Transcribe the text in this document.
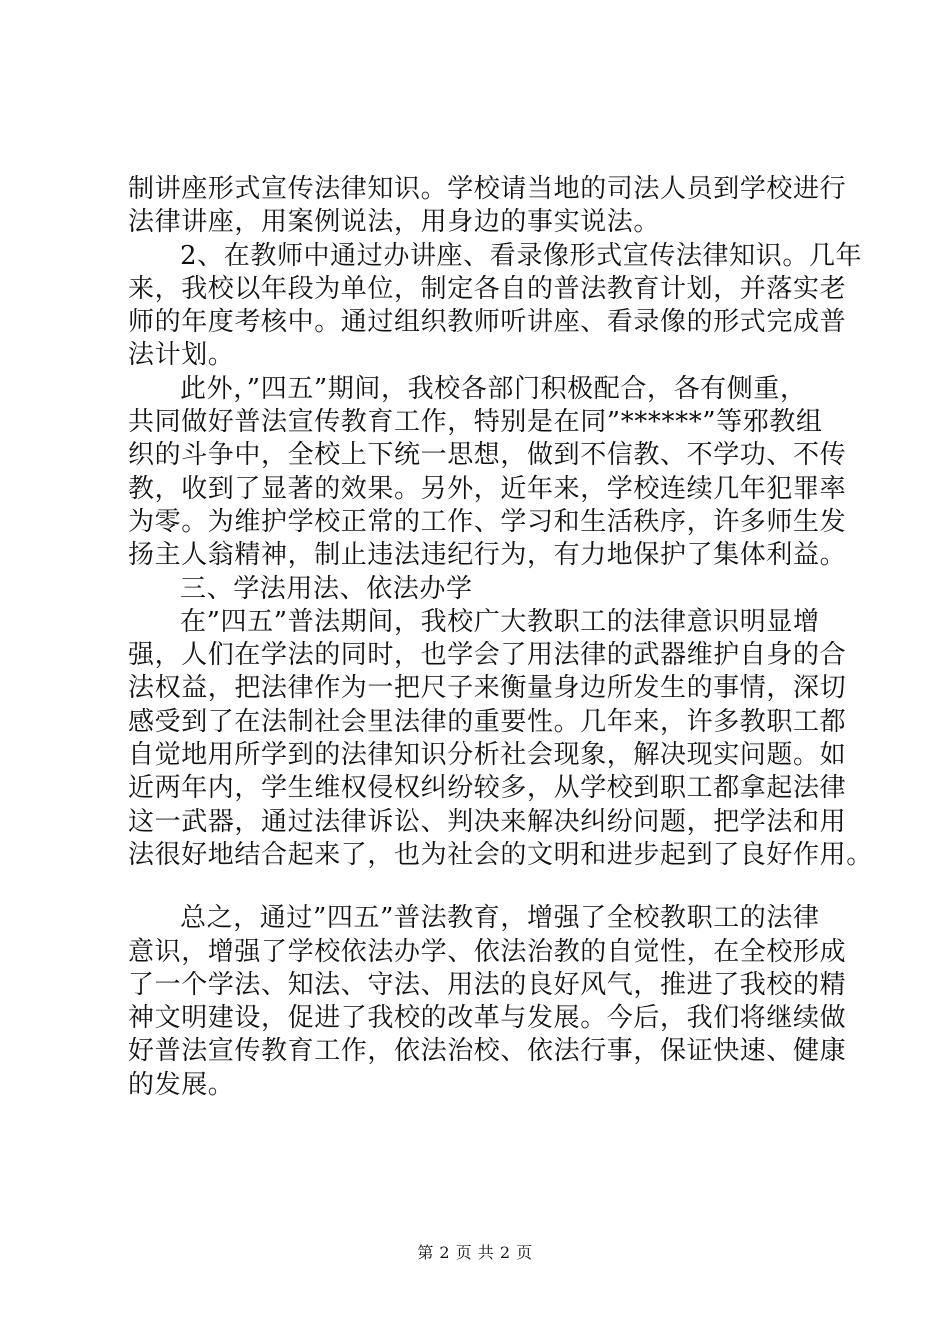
制讲座形式宣传法律知识。学校请当地的司法人员到学校进行
法律讲座，用案例说法，用身边的事实说法。
2、在教师中通过办讲座、看录像形式宣传法律知识。几年
来，我校以年段为单位，制定各自的普法教育计划，并落实老
师的年度考核中。通过组织教师听讲座、看录像的形式完成普
法计划。
此外，”四五”期间，我校各部门积极配合，各有侧重，
共同做好普法宣传教育工作，特别是在同”******”等邪教组
织的斗争中，全校上下统一思想，做到不信教、不学功、不传
教，收到了显著的效果。另外，近年来，学校连续几年犯罪率
为零。为维护学校正常的工作、学习和生活秩序，许多师生发
扬主人翁精神，制止违法违纪行为，有力地保护了集体利益。
三、学法用法、依法办学
在”四五”普法期间，我校广大教职工的法律意识明显增
强，人们在学法的同时，也学会了用法律的武器维护自身的合
法权益，把法律作为一把尺子来衡量身边所发生的事情，深切
感受到了在法制社会里法律的重要性。几年来，许多教职工都
自觉地用所学到的法律知识分析社会现象，解决现实问题。如
近两年内，学生维权侵权纠纷较多，从学校到职工都拿起法律
这一武器，通过法律诉讼、判决来解决纠纷问题，把学法和用
法很好地结合起来了，也为社会的文明和进步起到了良好作用。
总之，通过”四五”普法教育，增强了全校教职工的法律
意识，增强了学校依法办学、依法治教的自觉性，在全校形成
了一个学法、知法、守法、用法的良好风气，推进了我校的精
神文明建设，促进了我校的改革与发展。今后，我们将继续做
好普法宣传教育工作，依法治校、依法行事，保证快速、健康
的发展。
第 2 页 共 2 页
